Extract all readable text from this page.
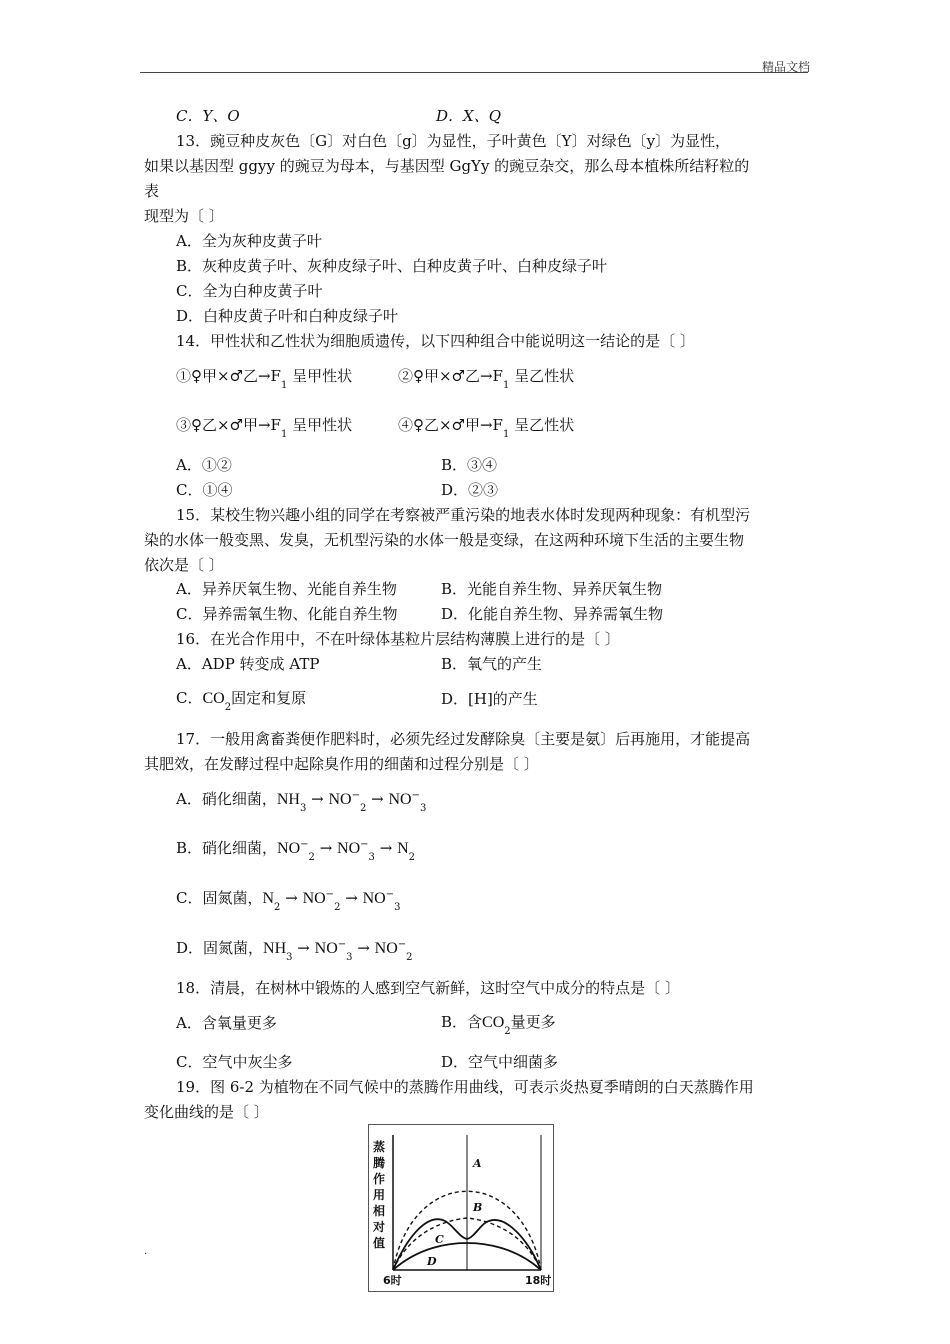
精品文档
C．Y、O	D．X、Q
13．豌豆种皮灰色〔G〕对白色〔g〕为显性，子叶黄色〔Y〕对绿色〔y〕为显性，
如果以基因型 ggyy 的豌豆为母本，与基因型 GgYy 的豌豆杂交，那么母本植株所结籽粒的
表
现型为〔 〕
A．全为灰种皮黄子叶
B．灰种皮黄子叶、灰种皮绿子叶、白种皮黄子叶、白种皮绿子叶
C．全为白种皮黄子叶
D．白种皮黄子叶和白种皮绿子叶
14．甲性状和乙性状为细胞质遗传，以下四种组合中能说明这一结论的是〔 〕
①♀甲×♂乙$\to F_1$ 呈甲性状	②♀甲×♂乙$\to F_1$ 呈乙性状
③♀乙×♂甲$\to F_1$ 呈甲性状	④♀乙×♂甲$\to F_1$ 呈乙性状
A．①②	B．③④
C．①④	D．②③
15．某校生物兴趣小组的同学在考察被严重污染的地表水体时发现两种现象：有机型污
染的水体一般变黑、发臭，无机型污染的水体一般是变绿，在这两种环境下生活的主要生物
依次是〔 〕
A．异养厌氧生物、光能自养生物	B．光能自养生物、异养厌氧生物
C．异养需氧生物、化能自养生物	D．化能自养生物、异养需氧生物
16．在光合作用中，不在叶绿体基粒片层结构薄膜上进行的是〔 〕
A．ADP 转变成 ATP	B．氧气的产生
C．$CO_2$固定和复原	D．[H]的产生
17．一般用禽畜粪便作肥料时，必须先经过发酵除臭〔主要是氨〕后再施用，才能提高
其肥效，在发酵过程中起除臭作用的细菌和过程分别是〔 〕
A．硝化细菌，$NH_3 \to NO^-_2 \to NO^-_3$
B．硝化细菌，$NO^-_2 \to NO^-_3 \to N_2$
C．固氮菌，$N_2 \to NO^-_2 \to NO^-_3$
D．固氮菌，$NH_3 \to NO^-_3 \to NO^-_2$
18．清晨，在树林中锻炼的人感到空气新鲜，这时空气中成分的特点是〔 〕
A．含氧量更多	B．含$CO_2$量更多
C．空气中灰尘多	D．空气中细菌多
19．图 6-2 为植物在不同气候中的蒸腾作用曲线，可表示炎热夏季晴朗的白天蒸腾作用
变化曲线的是〔 〕
蒸
腾
作
用
相
对
值
A
B
C
D
6时	18时
.
